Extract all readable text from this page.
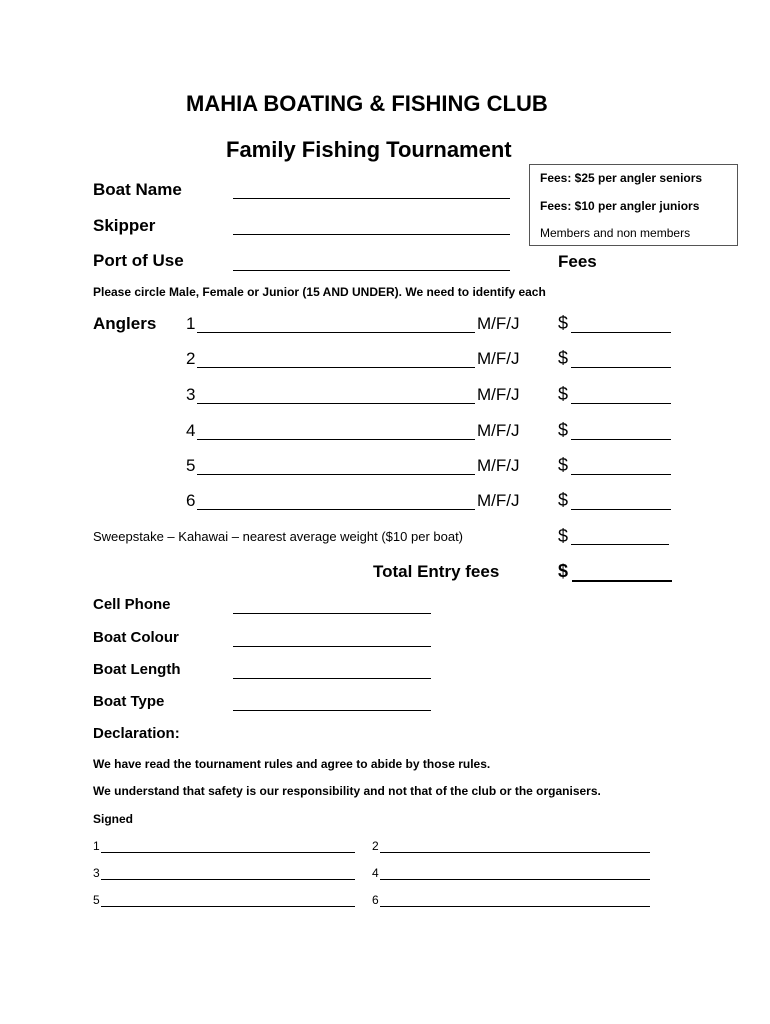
MAHIA BOATING & FISHING CLUB
Family Fishing Tournament
Fees: $25 per angler seniors
Fees: $10 per angler juniors
Members and non members
Boat Name
Skipper
Port of Use	Fees
Please circle Male, Female or Junior (15 AND UNDER). We need to identify each
Anglers 1	M/F/J $
2	M/F/J $
3	M/F/J $
4	M/F/J $
5	M/F/J $
6	M/F/J $
Sweepstake – Kahawai – nearest average weight ($10 per boat)	$
Total Entry fees	$
Cell Phone
Boat Colour
Boat Length
Boat Type
Declaration:
We have read the tournament rules and agree to abide by those rules.
We understand that safety is our responsibility and not that of the club or the organisers.
Signed
1	2
3	4
5	6
